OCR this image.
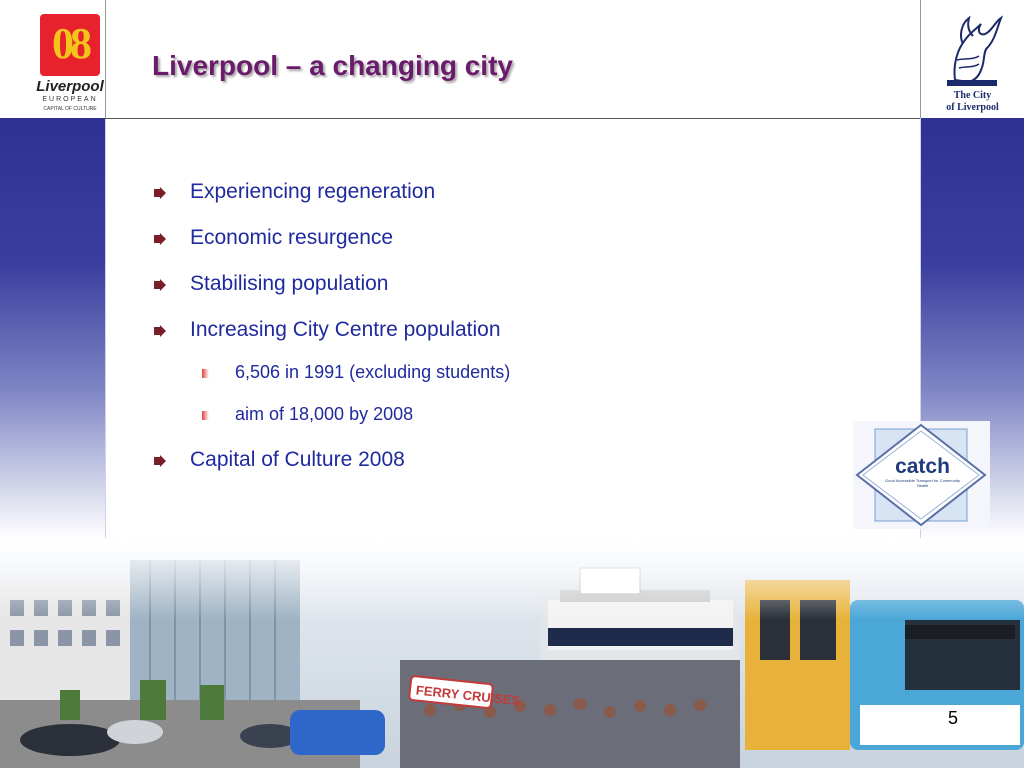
08
Liverpool
EUROPEAN
CAPITAL OF CULTURE
The City
of Liverpool
Liverpool – a changing city
Experiencing regeneration
Economic resurgence
Stabilising population
Increasing City Centre population
6,506 in 1991 (excluding students)
aim of 18,000 by 2008
Capital of Culture 2008	catch
Good Accessible Transport for Community Health
5
